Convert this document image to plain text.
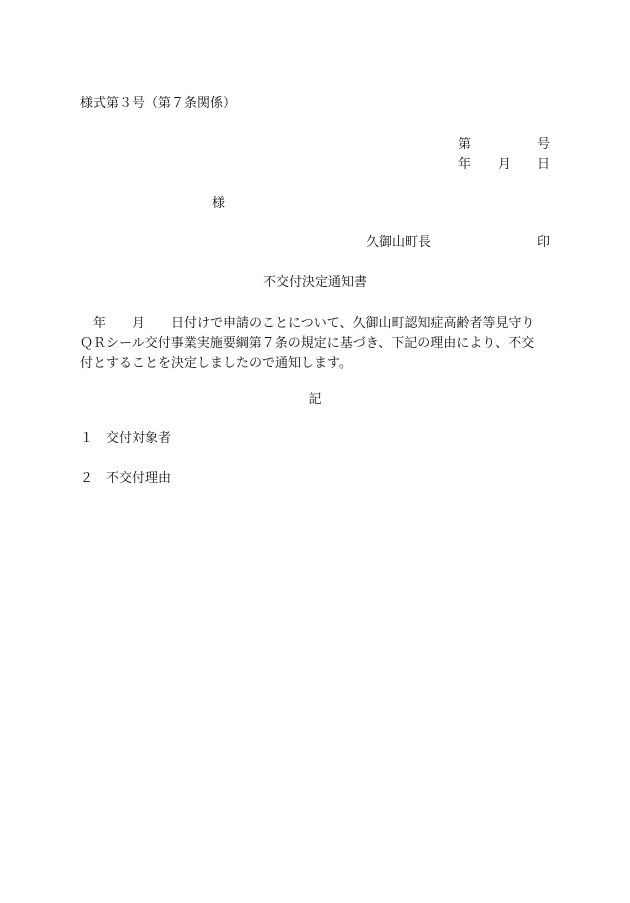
様式第３号（第７条関係）
第	号
年 月 日
様
久御山町長	印
不交付決定通知書
　年　　月　　日付けで申請のことについて、久御山町認知症高齢者等見守り
ＱＲシール交付事業実施要綱第７条の規定に基づき、下記の理由により、不交
付とすることを決定しましたので通知します。
記
１ 交付対象者
２ 不交付理由
